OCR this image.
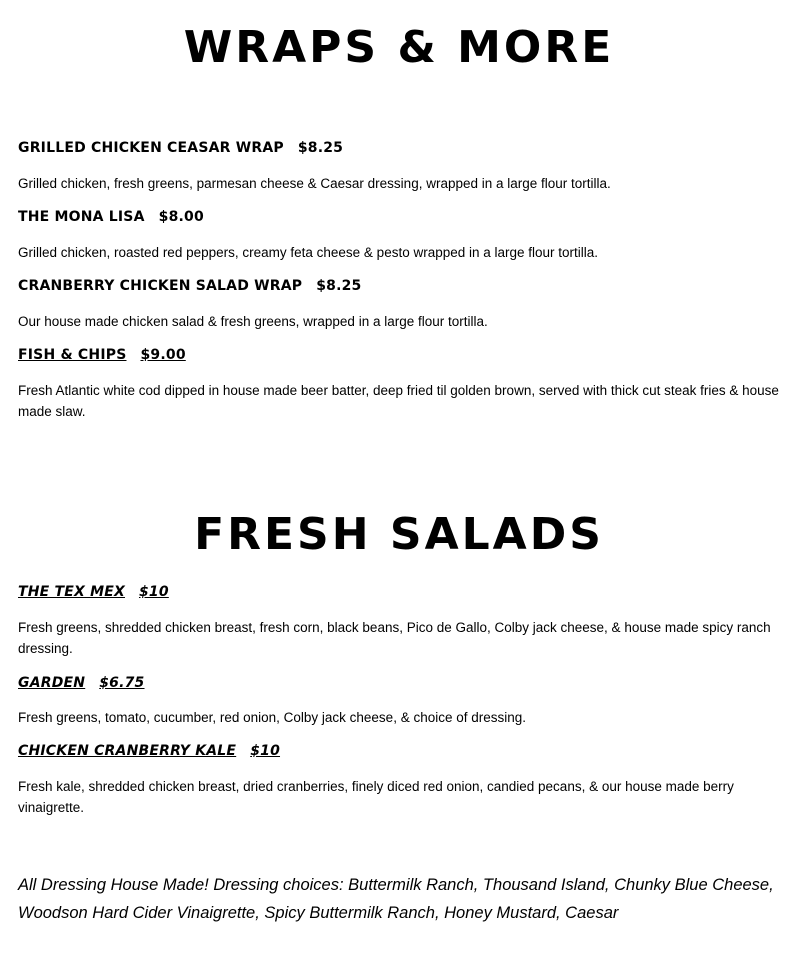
WRAPS & MORE

GRILLED CHICKEN CEASAR WRAP $8.25

Grilled chicken, fresh greens, parmesan cheese & Caesar dressing, wrapped in a large flour tortilla.

THE MONA LISA $8.00

Grilled chicken, roasted red peppers, creamy feta cheese & pesto wrapped in a large flour tortilla.

CRANBERRY CHICKEN SALAD WRAP $8.25

Our house made chicken salad & fresh greens, wrapped in a large flour tortilla.

FISH & CHIPS $9.00

Fresh Atlantic white cod dipped in house made beer batter, deep fried til golden brown, served with thick cut steak fries & house made slaw.

FRESH SALADS

THE TEX MEX $10

Fresh greens, shredded chicken breast, fresh corn, black beans, Pico de Gallo, Colby jack cheese, & house made spicy ranch dressing.

GARDEN $6.75

Fresh greens, tomato, cucumber, red onion, Colby jack cheese, & choice of dressing.

CHICKEN CRANBERRY KALE $10

Fresh kale, shredded chicken breast, dried cranberries, finely diced red onion, candied pecans, & our house made berry vinaigrette.

All Dressing House Made! Dressing choices: Buttermilk Ranch, Thousand Island, Chunky Blue Cheese, Woodson Hard Cider Vinaigrette, Spicy Buttermilk Ranch, Honey Mustard, Caesar
